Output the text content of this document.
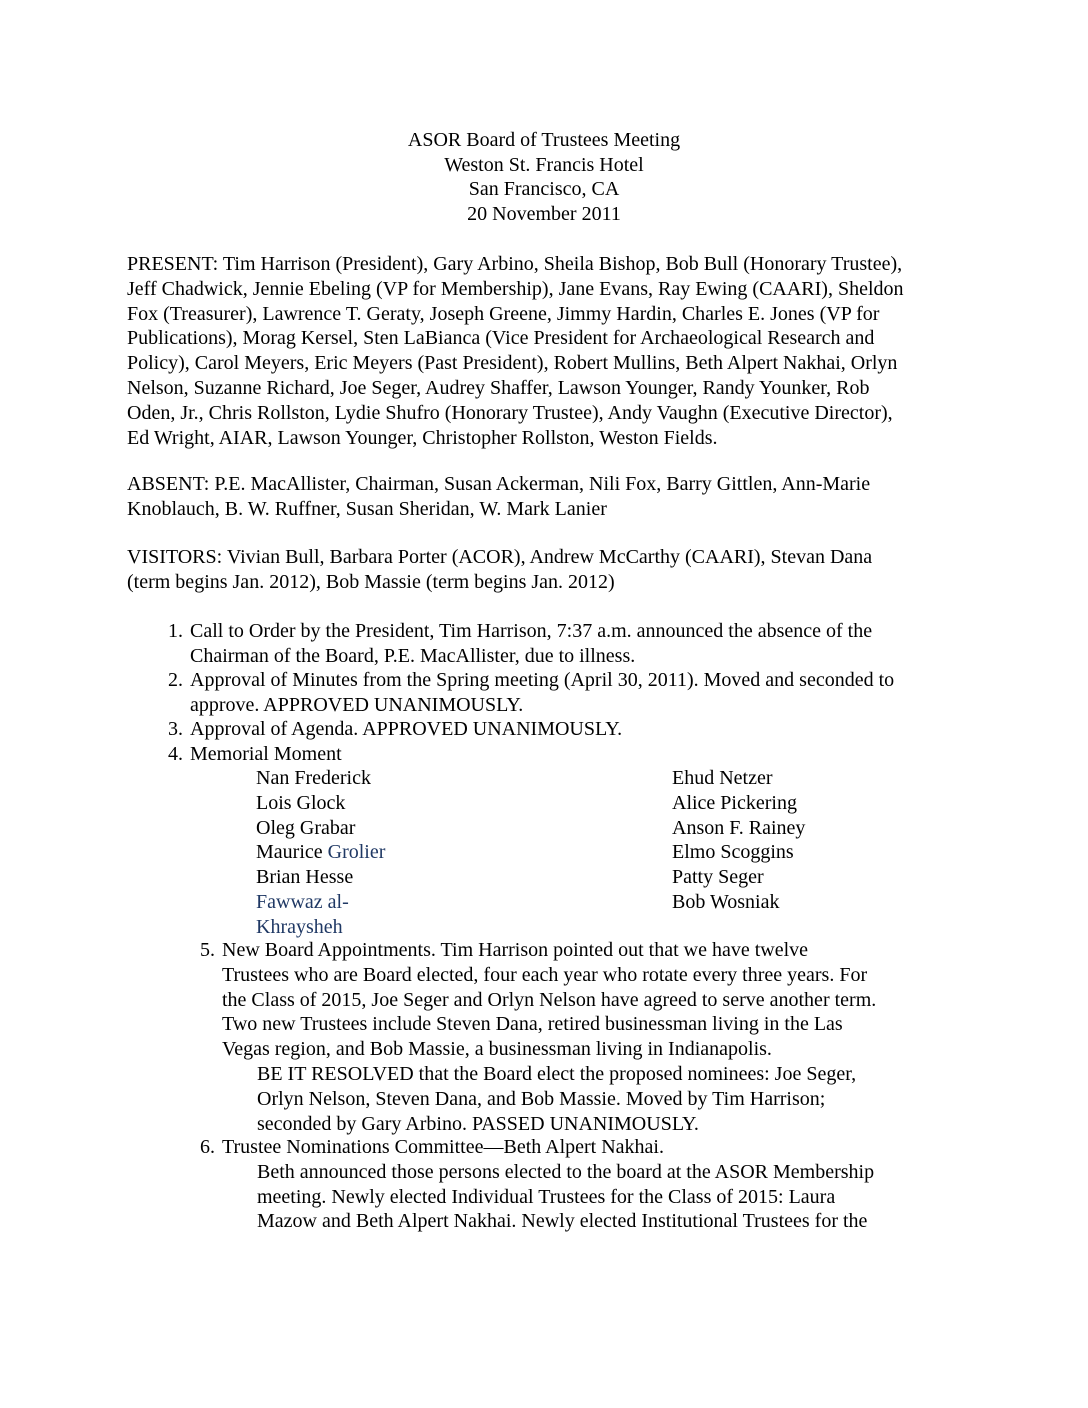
ASOR Board of Trustees Meeting
Weston St. Francis Hotel
San Francisco, CA
20 November 2011
PRESENT: Tim Harrison (President), Gary Arbino, Sheila Bishop, Bob Bull (Honorary Trustee),
Jeff Chadwick, Jennie Ebeling (VP for Membership), Jane Evans, Ray Ewing (CAARI), Sheldon
Fox (Treasurer), Lawrence T. Geraty, Joseph Greene, Jimmy Hardin, Charles E. Jones (VP for
Publications), Morag Kersel, Sten LaBianca (Vice President for Archaeological Research and
Policy), Carol Meyers, Eric Meyers (Past President), Robert Mullins, Beth Alpert Nakhai, Orlyn
Nelson, Suzanne Richard, Joe Seger, Audrey Shaffer, Lawson Younger, Randy Younker, Rob
Oden, Jr., Chris Rollston, Lydie Shufro (Honorary Trustee), Andy Vaughn (Executive Director),
Ed Wright, AIAR, Lawson Younger, Christopher Rollston, Weston Fields.
ABSENT: P.E. MacAllister, Chairman, Susan Ackerman, Nili Fox, Barry Gittlen, Ann-Marie
Knoblauch, B. W. Ruffner, Susan Sheridan, W. Mark Lanier
VISITORS: Vivian Bull, Barbara Porter (ACOR), Andrew McCarthy (CAARI), Stevan Dana
(term begins Jan. 2012), Bob Massie (term begins Jan. 2012)
1. Call to Order by the President, Tim Harrison, 7:37 a.m. announced the absence of the
Chairman of the Board, P.E. MacAllister, due to illness.
2. Approval of Minutes from the Spring meeting (April 30, 2011). Moved and seconded to
approve. APPROVED UNANIMOUSLY.
3. Approval of Agenda. APPROVED UNANIMOUSLY.
4. Memorial Moment
Nan Frederick
Lois Glock
Oleg Grabar
Maurice Grolier
Brian Hesse
Fawwaz al-
Khraysheh
Ehud Netzer
Alice Pickering
Anson F. Rainey
Elmo Scoggins
Patty Seger
Bob Wosniak
5. New Board Appointments. Tim Harrison pointed out that we have twelve
Trustees who are Board elected, four each year who rotate every three years. For
the Class of 2015, Joe Seger and Orlyn Nelson have agreed to serve another term.
Two new Trustees include Steven Dana, retired businessman living in the Las
Vegas region, and Bob Massie, a businessman living in Indianapolis.
BE IT RESOLVED that the Board elect the proposed nominees: Joe Seger,
Orlyn Nelson, Steven Dana, and Bob Massie. Moved by Tim Harrison;
seconded by Gary Arbino. PASSED UNANIMOUSLY.
6. Trustee Nominations Committee—Beth Alpert Nakhai.
Beth announced those persons elected to the board at the ASOR Membership
meeting. Newly elected Individual Trustees for the Class of 2015: Laura
Mazow and Beth Alpert Nakhai. Newly elected Institutional Trustees for the
